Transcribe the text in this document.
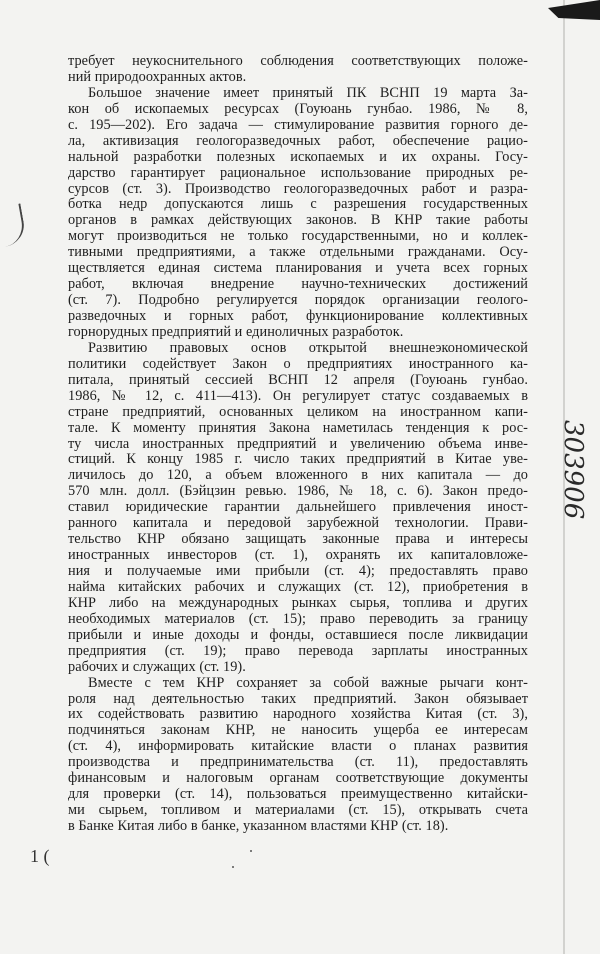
требует неукоснительного соблюдения соответствующих положе-
ний природоохранных актов.
Большое значение имеет принятый ПК ВСНП 19 марта За-
кон об ископаемых ресурсах (Гоуюань гунбао. 1986, № 8,
с. 195—202). Его задача — стимулирование развития горного де-
ла, активизация геологоразведочных работ, обеспечение рацио-
нальной разработки полезных ископаемых и их охраны. Госу-
дарство гарантирует рациональное использование природных ре-
сурсов (ст. 3). Производство геологоразведочных работ и разра-
ботка недр допускаются лишь с разрешения государственных
органов в рамках действующих законов. В КНР такие работы
могут производиться не только государственными, но и коллек-
тивными предприятиями, а также отдельными гражданами. Осу-
ществляется единая система планирования и учета всех горных
работ, включая внедрение научно-технических достижений
(ст. 7). Подробно регулируется порядок организации геолого-
разведочных и горных работ, функционирование коллективных
горнорудных предприятий и единоличных разработок.
Развитию правовых основ открытой внешнеэкономической
политики содействует Закон о предприятиях иностранного ка-
питала, принятый сессией ВСНП 12 апреля (Гоуюань гунбао.
1986, № 12, с. 411—413). Он регулирует статус создаваемых в
стране предприятий, основанных целиком на иностранном капи-
тале. К моменту принятия Закона наметилась тенденция к рос-
ту числа иностранных предприятий и увеличению объема инве-
стиций. К концу 1985 г. число таких предприятий в Китае уве-
личилось до 120, а объем вложенного в них капитала — до
570 млн. долл. (Бэйцзин ревью. 1986, № 18, с. 6). Закон предо-
ставил юридические гарантии дальнейшего привлечения иност-
ранного капитала и передовой зарубежной технологии. Прави-
тельство КНР обязано защищать законные права и интересы
иностранных инвесторов (ст. 1), охранять их капиталовложе-
ния и получаемые ими прибыли (ст. 4); предоставлять право
найма китайских рабочих и служащих (ст. 12), приобретения в
КНР либо на международных рынках сырья, топлива и других
необходимых материалов (ст. 15); право переводить за границу
прибыли и иные доходы и фонды, оставшиеся после ликвидации
предприятия (ст. 19); право перевода зарплаты иностранных
рабочих и служащих (ст. 19).
Вместе с тем КНР сохраняет за собой важные рычаги конт-
роля над деятельностью таких предприятий. Закон обязывает
их содействовать развитию народного хозяйства Китая (ст. 3),
подчиняться законам КНР, не наносить ущерба ее интересам
(ст. 4), информировать китайские власти о планах развития
производства и предпринимательства (ст. 11), предоставлять
финансовым и налоговым органам соответствующие документы
для проверки (ст. 14), пользоваться преимущественно китайски-
ми сырьем, топливом и материалами (ст. 15), открывать счета
в Банке Китая либо в банке, указанном властями КНР (ст. 18).
303906
1 (
